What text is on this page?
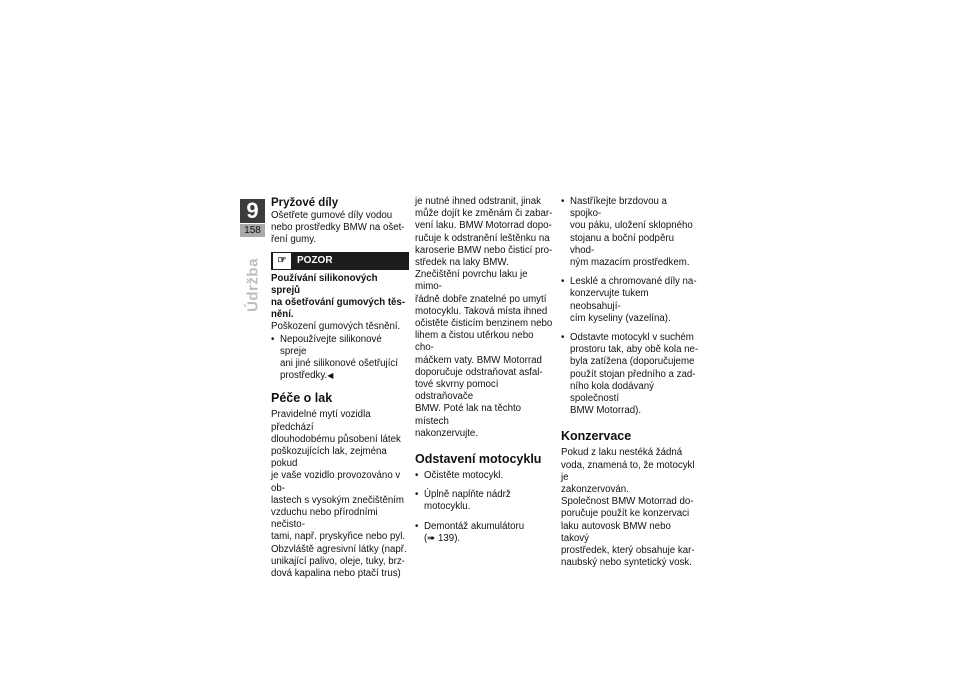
9
158
Údržba
Pryžové díly

Ošetřete gumové díly vodou
nebo prostředky BMW na ošet-
ření gumy.

☞	POZOR

Používání silikonových sprejů
na ošetřování gumových těs-
nění.

Poškození gumových těsnění.

• Nepoužívejte silikonové spreje
ani jiné silikonové ošetřující
prostředky.◀
Péče o lak

Pravidelné mytí vozidla předchází
dlouhodobému působení látek
poškozujících lak, zejména pokud
je vaše vozidlo provozováno v ob-
lastech s vysokým znečištěním
vzduchu nebo přírodními nečisto-
tami, např. pryskyřice nebo pyl.
Obzvláště agresivní látky (např.
unikající palivo, oleje, tuky, brz-
dová kapalina nebo ptačí trus)

je nutné ihned odstranit, jinak
může dojít ke změnám či zabar-
vení laku. BMW Motorrad dopo-
ručuje k odstranění leštěnku na
karoserie BMW nebo čisticí pro-
středek na laky BMW.
Znečištění povrchu laku je mimo-
řádně dobře znatelné po umytí
motocyklu. Taková místa ihned
očistěte čisticím benzinem nebo
lihem a čistou utěrkou nebo cho-
máčkem vaty. BMW Motorrad
doporučuje odstraňovat asfal-
tové skvrny pomocí odstraňovače
BMW. Poté lak na těchto místech
nakonzervujte.

Odstavení motocyklu
• Očistěte motocykl.
• Úplně naplňte nádrž motocyklu.
• Demontáž akumulátoru
(➠ 139).
• Nastříkejte brzdovou a spojko-
vou páku, uložení sklopného
stojanu a boční podpěru vhod-
ným mazacím prostředkem.
• Lesklé a chromované díly na-
konzervujte tukem neobsahují-
cím kyseliny (vazelína).
• Odstavte motocykl v suchém
prostoru tak, aby obě kola ne-
byla zatížena (doporučujeme
použít stojan předního a zad-
ního kola dodávaný společností
BMW Motorrad).
Konzervace

Pokud z laku nestéká žádná
voda, znamená to, že motocykl je
zakonzervován.
Společnost BMW Motorrad do-
poručuje použít ke konzervaci
laku autovosk BMW nebo takový
prostředek, který obsahuje kar-
naubský nebo syntetický vosk.
